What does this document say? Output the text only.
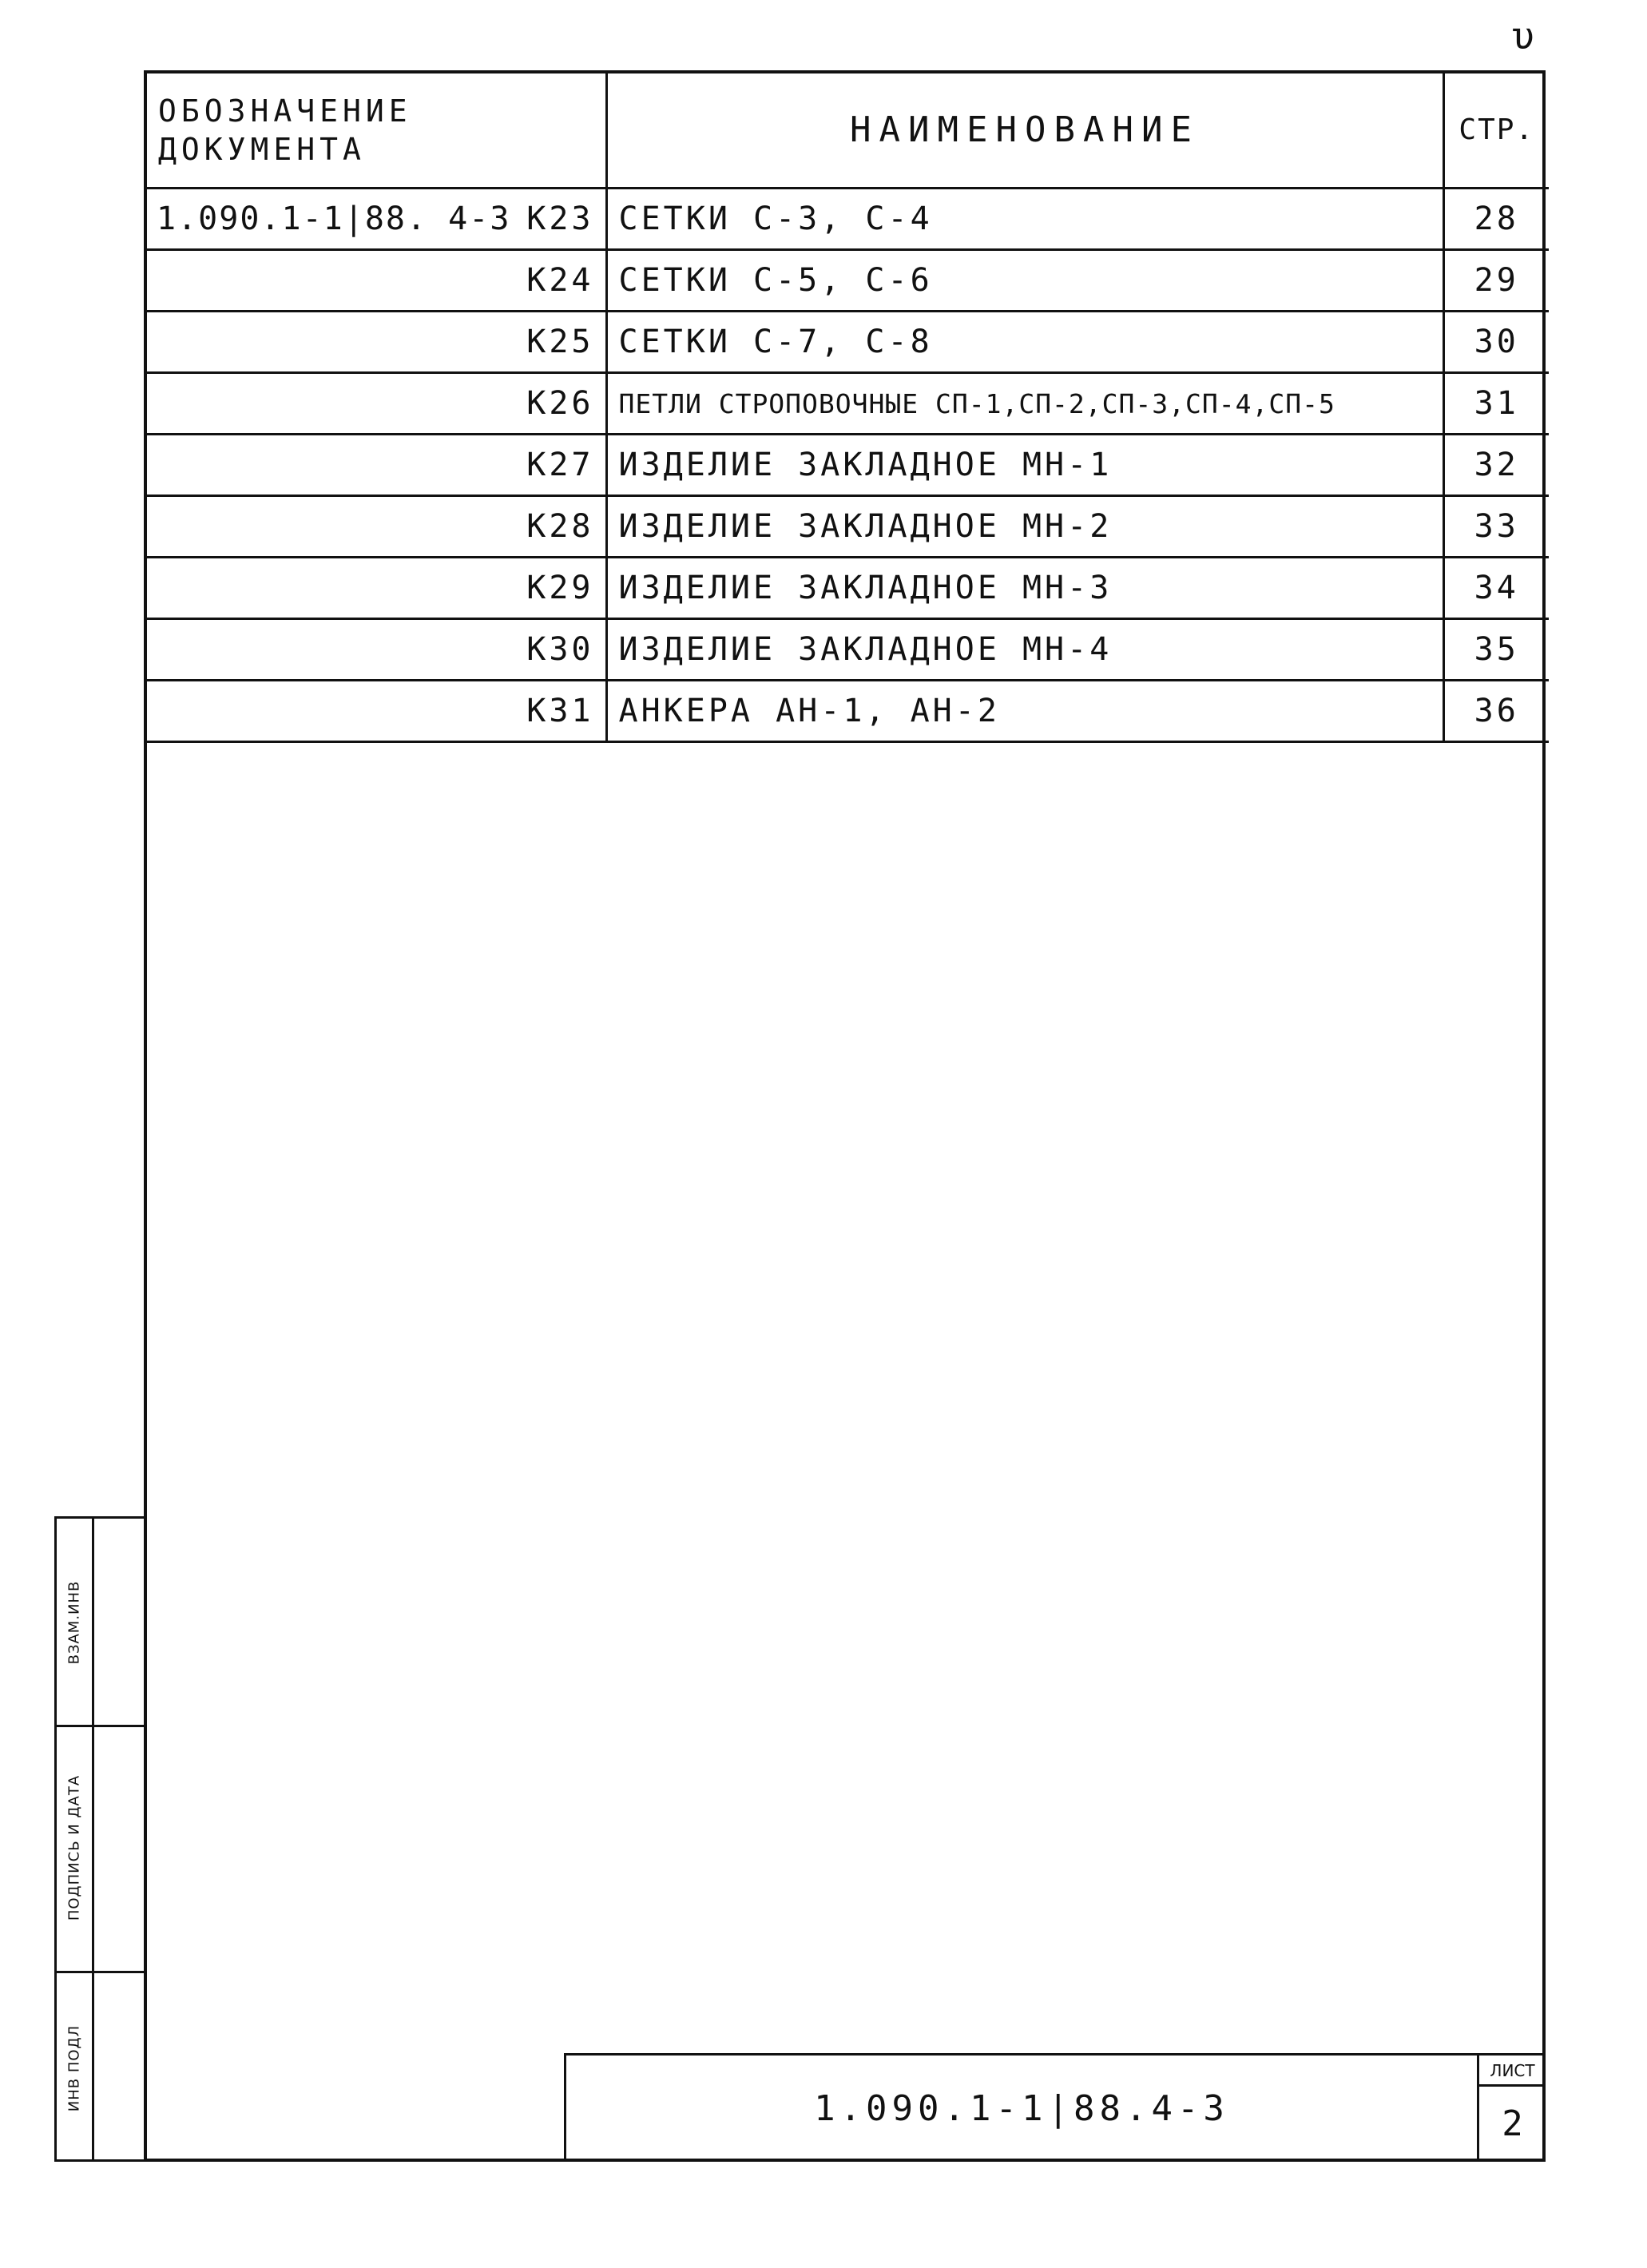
υ
ОБОЗНАЧЕНИЕ
ДОКУМЕНТА	НАИМЕНОВАНИЕ	СТР.

1.090.1-1|88. 4-3 К23	СЕТКИ С-3, С-4	28
К24	СЕТКИ С-5, С-6	29
К25	СЕТКИ С-7, С-8	30
К26	ПЕТЛИ СТРОПОВОЧНЫЕ СП-1,СП-2,СП-3,СП-4,СП-5	31
К27	ИЗДЕЛИЕ ЗАКЛАДНОЕ МН-1	32
К28	ИЗДЕЛИЕ ЗАКЛАДНОЕ МН-2	33
К29	ИЗДЕЛИЕ ЗАКЛАДНОЕ МН-3	34
К30	ИЗДЕЛИЕ ЗАКЛАДНОЕ МН-4	35
К31	АНКЕРА АН-1, АН-2	36
1.090.1-1|88.4-3
ЛИСТ
2
ВЗАМ.ИНВ
ПОДПИСЬ И ДАТА
ИНВ ПОДЛ
